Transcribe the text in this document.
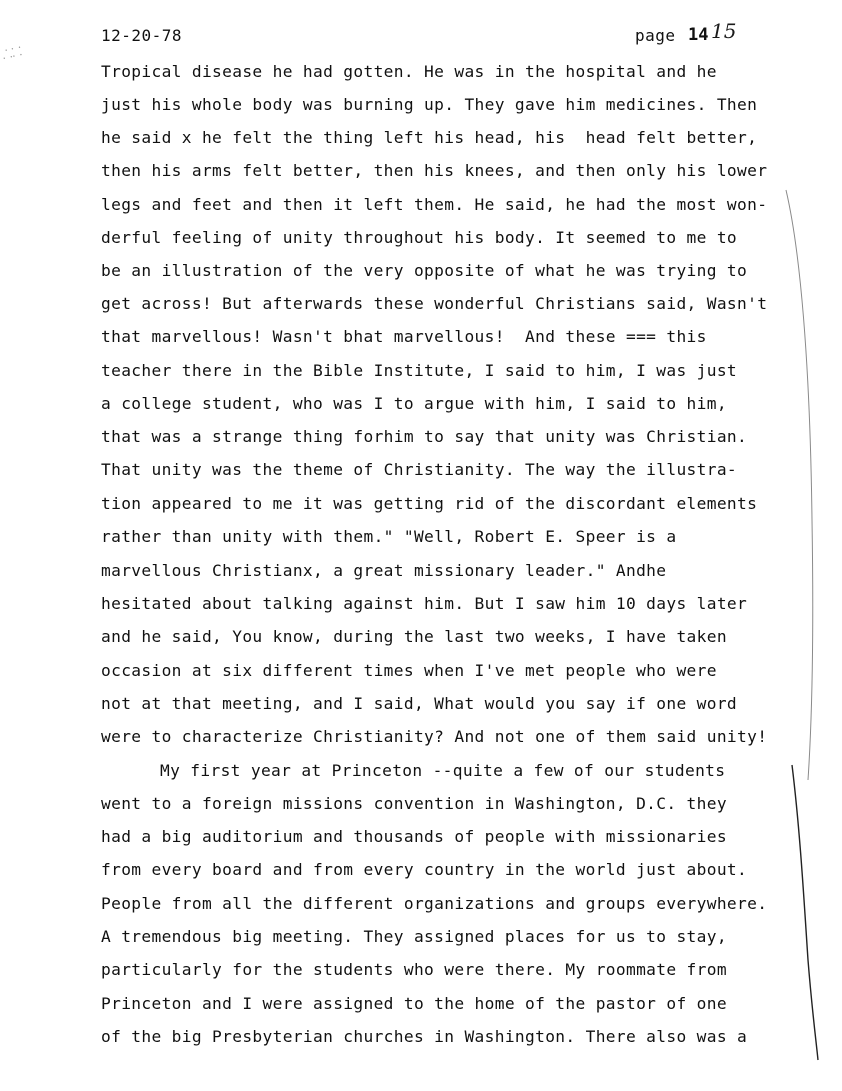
⸫⸬
12-20-78	page 14 15
Tropical disease he had gotten. He was in the hospital and he
just his whole body was burning up. They gave him medicines. Then
he said x he felt the thing left his head, his  head felt better,
then his arms felt better, then his knees, and then only his lower
legs and feet and then it left them. He said, he had the most won-
derful feeling of unity throughout his body. It seemed to me to
be an illustration of the very opposite of what he was trying to
get across! But afterwards these wonderful Christians said, Wasn't
that marvellous! Wasn't bhat marvellous!  And these === this
teacher there in the Bible Institute, I said to him, I was just
a college student, who was I to argue with him, I said to him,
that was a strange thing forhim to say that unity was Christian.
That unity was the theme of Christianity. The way the illustra-
tion appeared to me it was getting rid of the discordant elements
rather than unity with them." "Well, Robert E. Speer is a
marvellous Christianx, a great missionary leader." Andhe
hesitated about talking against him. But I saw him 10 days later
and he said, You know, during the last two weeks, I have taken
occasion at six different times when I've met people who were
not at that meeting, and I said, What would you say if one word
were to characterize Christianity? And not one of them said unity!
My first year at Princeton --quite a few of our students
went to a foreign missions convention in Washington, D.C. they
had a big auditorium and thousands of people with missionaries
from every board and from every country in the world just about.
People from all the different organizations and groups everywhere.
A tremendous big meeting. They assigned places for us to stay,
particularly for the students who were there. My roommate from
Princeton and I were assigned to the home of the pastor of one
of the big Presbyterian churches in Washington. There also was a
